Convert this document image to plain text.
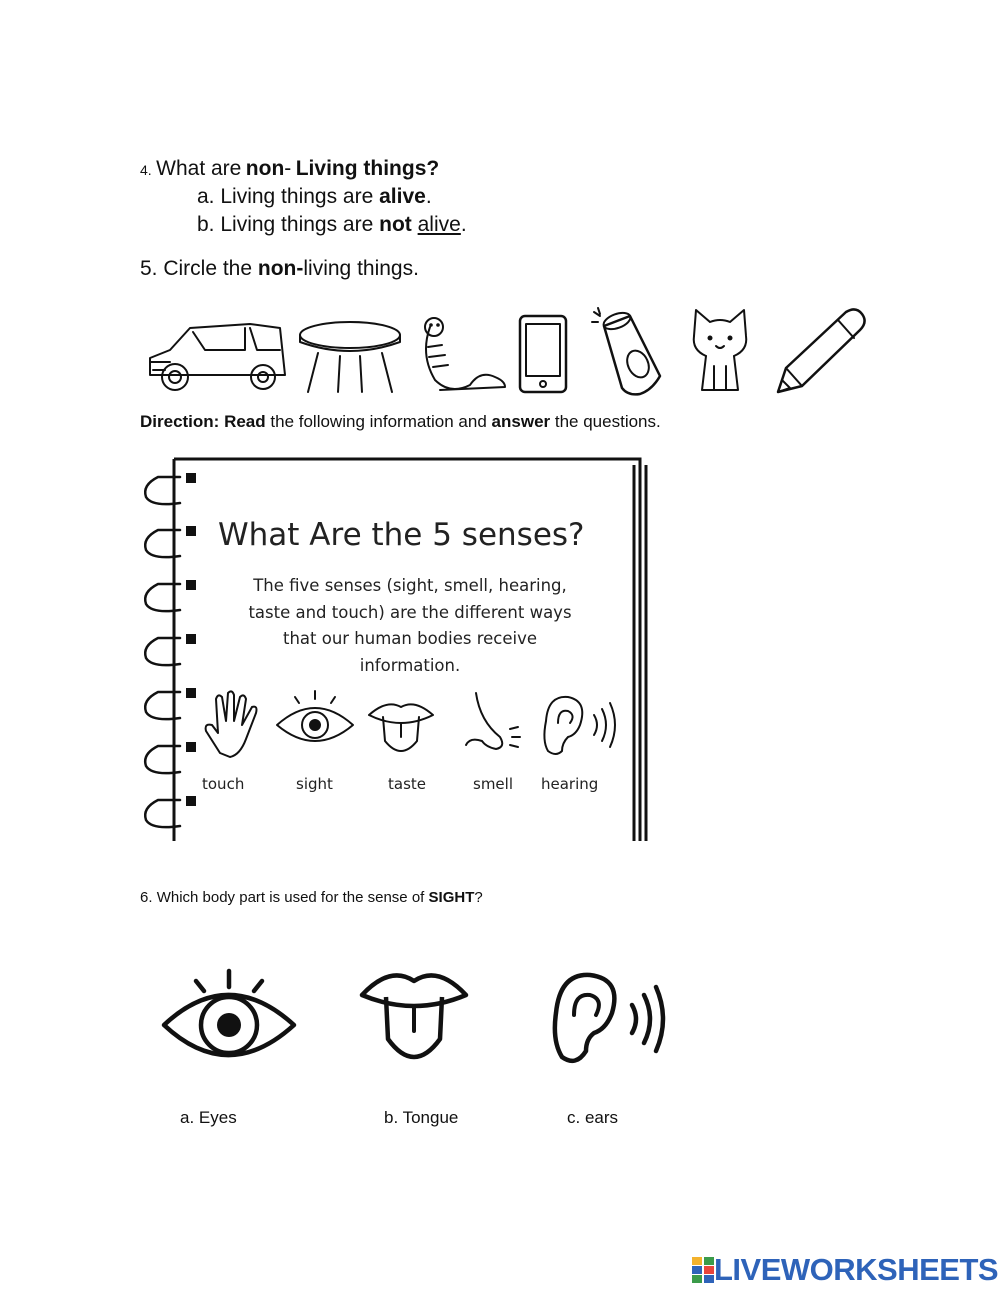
4. What are non- Living things?
a. Living things are alive.
b. Living things are not alive.
5. Circle the non-living things.
Direction: Read the following information and answer the questions.
What Are the 5 senses?
The five senses (sight, smell, hearing,
taste and touch) are the different ways
that our human bodies receive
information.
touch	sight	taste	smell hearing
6. Which body part is used for the sense of SIGHT?
a. Eyes	b. Tongue	c. ears
LIVEWORKSHEETS
